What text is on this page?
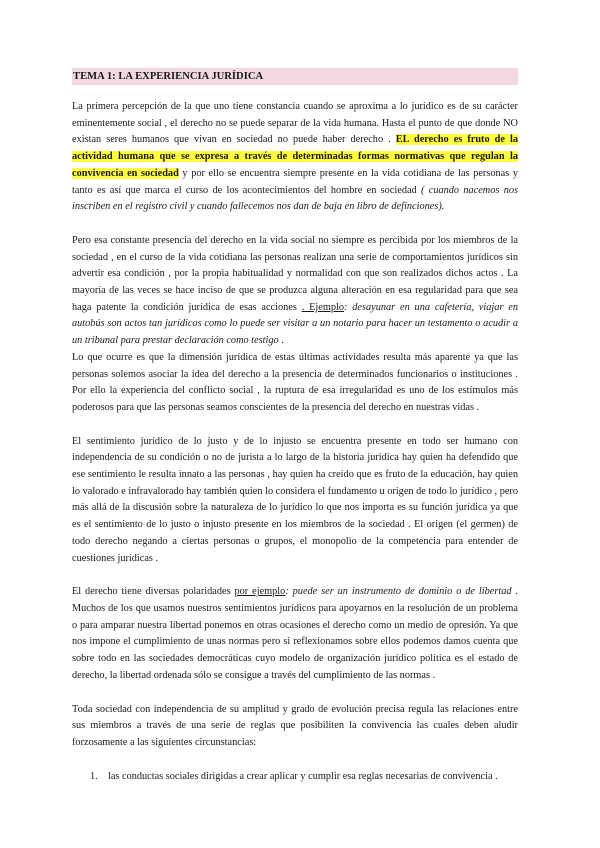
TEMA 1: LA EXPERIENCIA JURÍDICA

La primera percepción de la que uno tiene constancia cuando se aproxima a lo jurídico es de su carácter eminentemente social , el derecho no se puede separar de la vida humana. Hasta el punto de que donde NO existan seres humanos que vivan en sociedad no puede haber derecho . EL derecho es fruto de la actividad humana que se expresa a través de determinadas formas normativas que regulan la convivencia en sociedad y por ello se encuentra siempre presente en la vida cotidiana de las personas y tanto es así que marca el curso de los acontecimientos del hombre en sociedad ( cuando nacemos nos inscriben en el registro civil y cuando fallecemos nos dan de baja en libro de definciones).

Pero esa constante presencia del derecho en la vida social no siempre es percibida por los miembros de la sociedad , en el curso de la vida cotidiana las personas realizan una serie de comportamientos jurídicos sin advertir esa condición , por la propia habitualidad y normalidad con que son realizados dichos actos . La mayoría de las veces se hace inciso de que se produzca alguna alteración en esa regularidad para que sea haga patente la condición jurídica de esas acciones . Ejemplo: desayunar en una cafetería, viajar en autobús son actos tan jurídicos como lo puede ser visitar a un notario para hacer un testamento o acudir a un tribunal para prestar declaración como testigo .

Lo que ocurre es que la dimensión jurídica de estas últimas actividades resulta más aparente ya que las personas solemos asociar la idea del derecho a la presencia de determinados funcionarios o instituciones . Por ello la experiencia del conflicto social , la ruptura de esa irregularidad es uno de los estímulos más poderosos para que las personas seamos conscientes de la presencia del derecho en nuestras vidas .

El sentimiento jurídico de lo justo y de lo injusto se encuentra presente en todo ser humano con independencia de su condición o no de jurista a lo largo de la historia jurídica hay quien ha defendido que ese sentimiento le resulta innato a las personas , hay quien ha creído que es fruto de la educación, hay quien lo valorado e infravalorado hay también quien lo considera el fundamento u origen de todo lo jurídico , pero más allá de la discusión sobre la naturaleza de lo jurídico lo que nos importa es su función jurídica ya que es el sentimiento de lo justo o injusto presente en los miembros de la sociedad . El origen (el germen) de todo derecho negando a ciertas personas o grupos, el monopolio de la competencia para entender de cuestiones jurídicas .

El derecho tiene diversas polaridades por ejemplo: puede ser un instrumento de dominio o de libertad . Muchos de los que usamos nuestros sentimientos jurídicos para apoyarnos en la resolución de un problema o para amparar nuestra libertad ponemos en otras ocasiones el derecho como un medio de opresión. Ya que nos impone el cumplimiento de unas normas pero si reflexionamos sobre ellos podemos damos cuenta que sobre todo en las sociedades democráticas cuyo modelo de organización jurídico política es el estado de derecho, la libertad ordenada sólo se consigue a través del cumplimiento de las normas .

Toda sociedad con independencia de su amplitud y grado de evolución precisa regula las relaciones entre sus miembros a través de una serie de reglas que posibiliten la convivencia las cuales deben aludir forzosamente a las siguientes circunstancias:

1. las conductas sociales dirigidas a crear aplicar y cumplir esa reglas necesarias de convivencia .
